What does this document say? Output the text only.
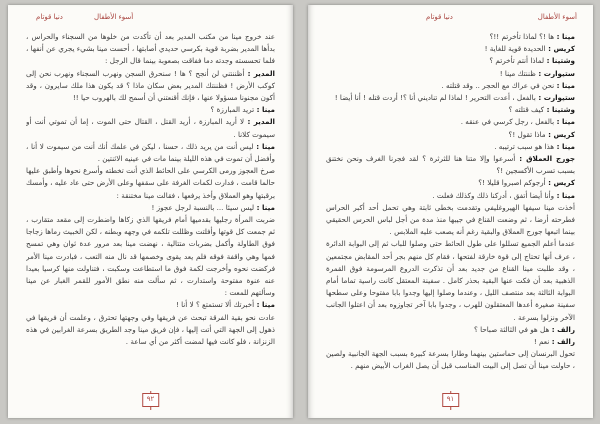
أسوء الأطفال
دنيا قوتام

عند خروج مينا من مكتب المدير بعد أن تأكدت من خلوها من السجناء والحراس ، بدأها المدير بضربة قوية بكرسي حديدي أصابتها ، أحست مينا بشيء يجري عن أنفها ، فلما تحسسته وجدته دما ففاقت بصعوبة بينما قال الرجل :

المدير : أظننتني لن أنجح ؟ ها ! سنحرق السجن ونهرب السجناء ونهرب نحن إلى كوكب الأرض ! فظننتك المدير بعض سكان ماذا ؟ قد يكون هذا ملك سايرون ، وقد أكون مجنونا مسؤولا عنها ، فإنك أقنعتني أن أسمح لك بالهروب حيا !!

مينا : تريد المبارزة ؟

المدير : لا أريد المبارزة ، أريد القتل ، القتال حتى الموت ، إما أن تموتي أنت أو سيموت كلانا .

مينا : ليس أنت من يريد ذلك ، حسنا ، ليكن في علمك أنك أنت من سيموت لا أنا ، وأفضل أن تموت في هذه الليلة بينما مات في عينيه الاثنتين .

صرخ العجوز ورمى الكرسي على الحائط الذي أنت تخطته وأسرع نحوها وأطبق عليها حالما قامت ، فدارت لكمات الغرفة على سقفها وعلى الأرض حتى عاد عليه ، وأمسك برقبتها وهو العملاق وأخذ يرفعها ، فقالت مينا مختنقة :

مينا : ليس سيئا ... بالنسبة لرجل عجوز !

ضربت المرأة رجليها بقدميها أمام فريقها الذي زكاها واضطرت إلى مقعد متقارب ، ثم جمعت كل قوتها وأفلتت وظللت تلكمه في وجهه وبطنه ، لكن الخبيث رماها زجاجا فوق الطاولة وأكمل بضربات متتالية ، نهضت مينا بعد مرور عدة ثوان وهي تمسح فمها وهي واقفة فوقه فلم يعد يقوى وخصمها قد نال منه التعب ، فبادرت مينا الأمر فركضت نحوه وأخرجت لكمة فوق ما استطاعت وسكبت ، فتناولت منها كرسيا بعيدا عنه عنوة مفتوحة واستدارت ، ثم سألت منه نطق الأمور للقمر الغبار عن مينا وسألتهم للمعت :

مينا : أخبرتك ألا تستمتع ؟ لا أنا !

عادت نحو بقية الفرقة تبحث عن فريقها وفي وجهتها تحترق ، وعلمت أن فريقها في ذهول إلى الجهة التي أتت إليها ، فإن فريق مينا وجد الطريق بسرعة الغرابين في هذه الزنزانة ، فلو كانت فيها لمضت أكثر من أي ساعة .

٩٢
أسوء الأطفال
دنيا قوتام

مينا : ها !؟ لماذا تأخرتم !!؟

كريس : الحديدة قوية للغاية !

وشتينا : لماذا أنتم تأخرتم ؟

ستيوارت : ظننتك مينا !

مينا : نحن في عراك مع الحجر .. وقد قتلته .

ستيوارت : بالفعل ، أعدت التحرير ! لماذا لم تناديني أنا ؟! أردت قتله ! أنا أيضا !

وشتينا : كيف قتلته ؟

مينا : بالفعل ، رجل كرسي في عنقه .

كريس : ماذا تقول !؟

مينا : هذا هو سبب ترتيبه .

جورج العملاق : أسرعوا وإلا متنا هنا للثرثرة ؟ لقد فجرنا الغرف ونحن نختنق بسبب تسرب الأكسجين !؟

كريس : أرجوكم اصبروا قليلا !؟

مينا : وأنا أيضا أتفق ، أدركنا ذلك وكذلك فعلت .

أخذت مينا سيفها الهيروغليفي وتقدمت بخطى ثابتة وهي تحمل أحد أكبر الحراس فطرحته أرضا ، ثم وضعت القناع في جيبها منذ مدة من أجل لباس الحرس الحقيقي بينما اتبعها جورج العملاق والبقية رغم أنه يصعب عليه الملابس .

عندما أعلم الجميع تسللوا على طول الحائط حتى وصلوا للباب ثم إلى البوابة الدائرة ، عرف أنها تحتاج إلى قوة خارقة لفتحها ، فقام كل منهم بجر أحد المقابض مجتمعين ، وقد طلبت مينا القناع من جديد بعد أن تذكرت الدروع المرسومة فوق القمرة الذهبية بعد أن فكت عنها البقية بحذر كامل . سفينة المعتقل كانت راسية تماما أمام البوابة الثالثة بعد منتصف الليل ، وعندما وصلوا إليها وجدوا بابا مفتوحا وعلى سطحها سفينة صغيرة أعدها المعتقلون للهرب ، وجدوا بابا آخر تجاوزوه بعد أن اعتلوا الجانب الآخر ونزلوا بسرعة .

رالف : هل هو في الثالثة صباحا ؟

رالف : نعم !

تحول البرنسان إلى حماستين بينهما وطارا بسرعة كبيرة بسبب الجهة الجانبية ولصين ، حاولت مينا أن تصل إلى البيت المناسب قبل أن يصل الغراب الأبيض منهم .

٩١
